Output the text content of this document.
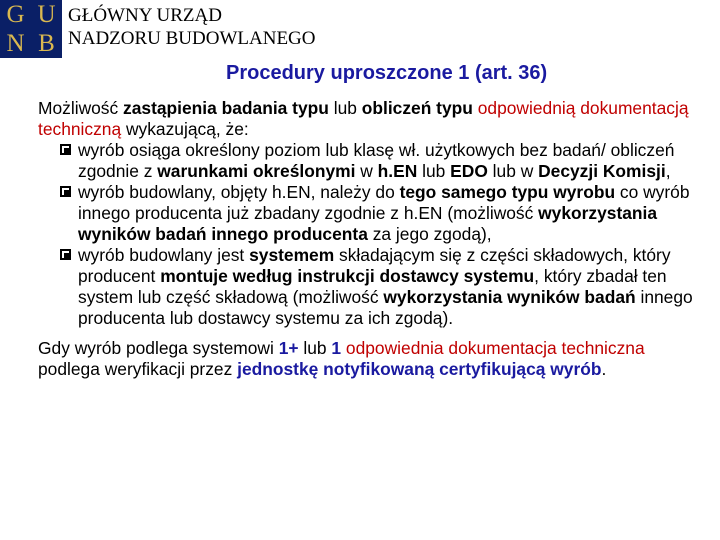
G U
N B
GŁÓWNY URZĄD
NADZORU BUDOWLANEGO
Procedury uproszczone 1 (art. 36)
Możliwość zastąpienia badania typu lub obliczeń typu odpowiednią dokumentacją techniczną wykazującą, że:
wyrób osiąga określony poziom lub klasę wł. użytkowych bez badań/ obliczeń zgodnie z warunkami określonymi w h.EN lub EDO lub w Decyzji Komisji,
wyrób budowlany, objęty h.EN, należy do tego samego typu wyrobu co wyrób innego producenta już zbadany zgodnie z h.EN (możliwość wykorzystania wyników badań innego producenta za jego zgodą),
wyrób budowlany jest systemem składającym się z części składowych, który producent montuje według instrukcji dostawcy systemu, który zbadał ten system lub część składową (możliwość wykorzystania wyników badań innego producenta lub dostawcy systemu za ich zgodą).
Gdy wyrób podlega systemowi 1+ lub 1 odpowiednia dokumentacja techniczna podlega weryfikacji przez jednostkę notyfikowaną certyfikującą wyrób.
